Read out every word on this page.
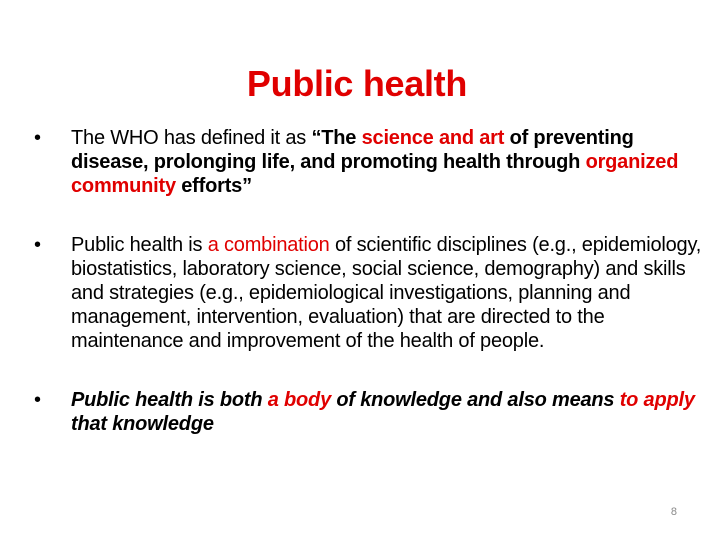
Public health
•	The WHO has defined it as “The science and art of preventing disease, prolonging life, and promoting health through organized community efforts”
•	Public health is a combination of scientific disciplines (e.g., epidemiology, biostatistics, laboratory science, social science, demography) and skills and strategies (e.g., epidemiological investigations, planning and management, intervention, evaluation) that are directed to the maintenance and improvement of the health of people.
•	Public health is both a body of knowledge and also means to apply that knowledge
8
